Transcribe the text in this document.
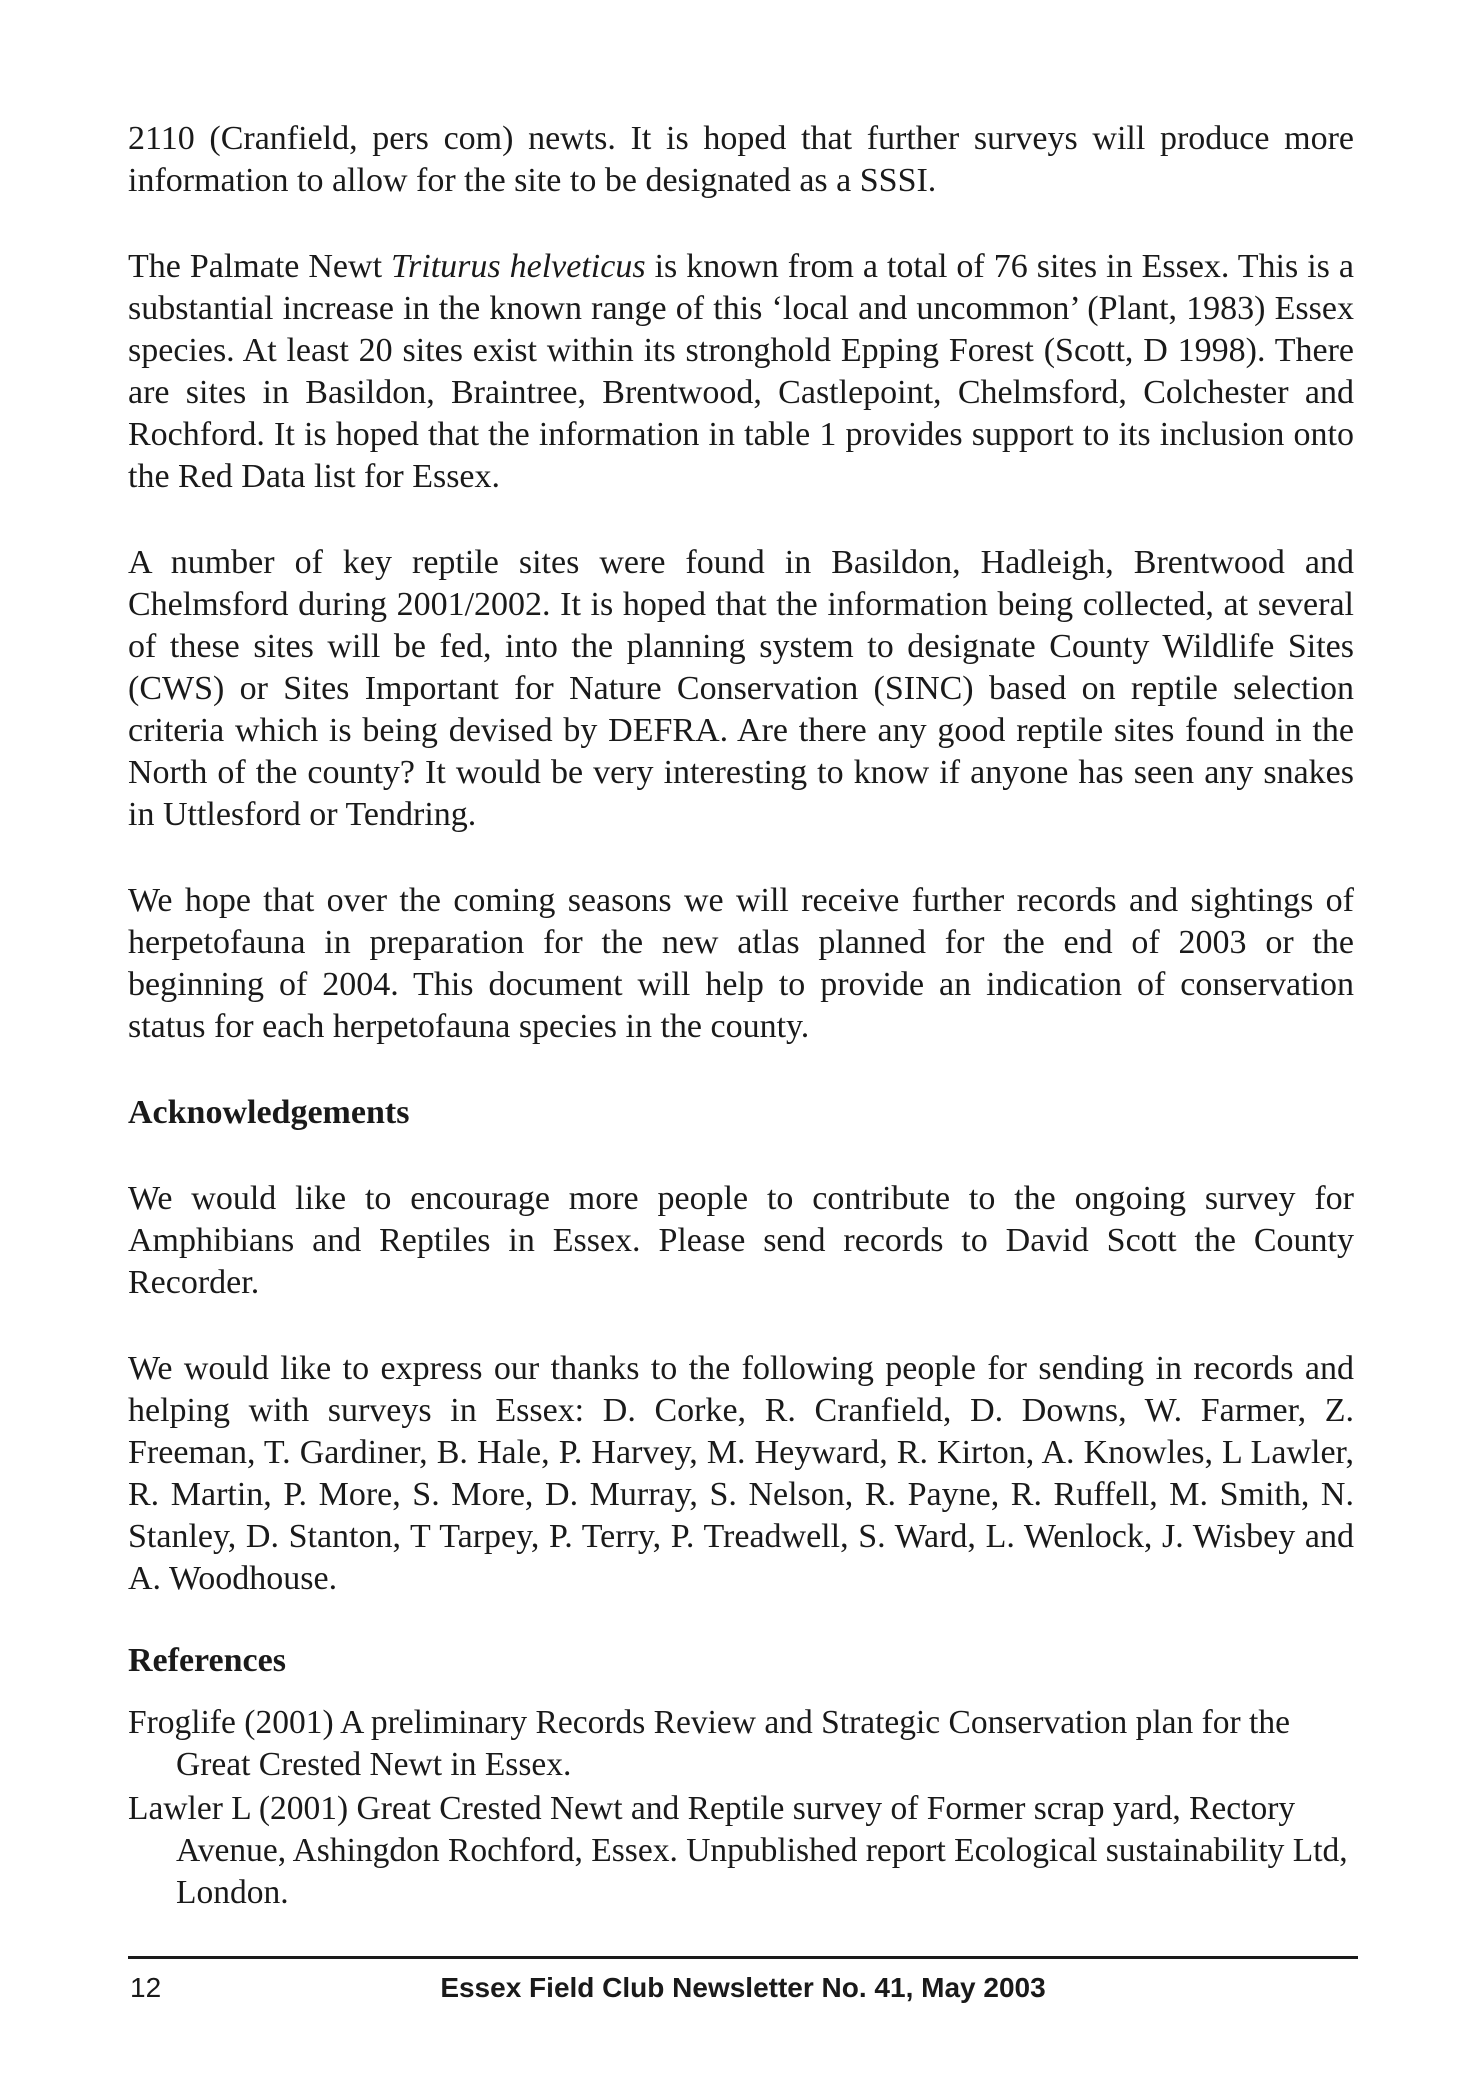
2110 (Cranfield, pers com) newts. It is hoped that further surveys will produce more information to allow for the site to be designated as a SSSI.

The Palmate Newt Triturus helveticus is known from a total of 76 sites in Essex. This is a substantial increase in the known range of this ‘local and uncommon’ (Plant, 1983) Essex species. At least 20 sites exist within its stronghold Epping Forest (Scott, D 1998). There are sites in Basildon, Braintree, Brentwood, Castlepoint, Chelmsford, Colchester and Rochford. It is hoped that the information in table 1 provides support to its inclusion onto the Red Data list for Essex.

A number of key reptile sites were found in Basildon, Hadleigh, Brentwood and Chelmsford during 2001/2002. It is hoped that the information being collected, at several of these sites will be fed, into the planning system to designate County Wildlife Sites (CWS) or Sites Important for Nature Conservation (SINC) based on reptile selection criteria which is being devised by DEFRA. Are there any good reptile sites found in the North of the county? It would be very interesting to know if anyone has seen any snakes in Uttlesford or Tendring.

We hope that over the coming seasons we will receive further records and sightings of herpetofauna in preparation for the new atlas planned for the end of 2003 or the beginning of 2004. This document will help to provide an indication of conservation status for each herpetofauna species in the county.

Acknowledgements

We would like to encourage more people to contribute to the ongoing survey for Amphibians and Reptiles in Essex. Please send records to David Scott the County Recorder.

We would like to express our thanks to the following people for sending in records and helping with surveys in Essex: D. Corke, R. Cranfield, D. Downs, W. Farmer, Z. Freeman, T. Gardiner, B. Hale, P. Harvey, M. Heyward, R. Kirton, A. Knowles, L Lawler, R. Martin, P. More, S. More, D. Murray, S. Nelson, R. Payne, R. Ruffell, M. Smith, N. Stanley, D. Stanton, T Tarpey, P. Terry, P. Treadwell, S. Ward, L. Wenlock, J. Wisbey and A. Woodhouse.

References

Froglife (2001) A preliminary Records Review and Strategic Conservation plan for the Great Crested Newt in Essex.

Lawler L (2001) Great Crested Newt and Reptile survey of Former scrap yard, Rectory Avenue, Ashingdon Rochford, Essex. Unpublished report Ecological sustainability Ltd, London.

12	Essex Field Club Newsletter No. 41, May 2003
